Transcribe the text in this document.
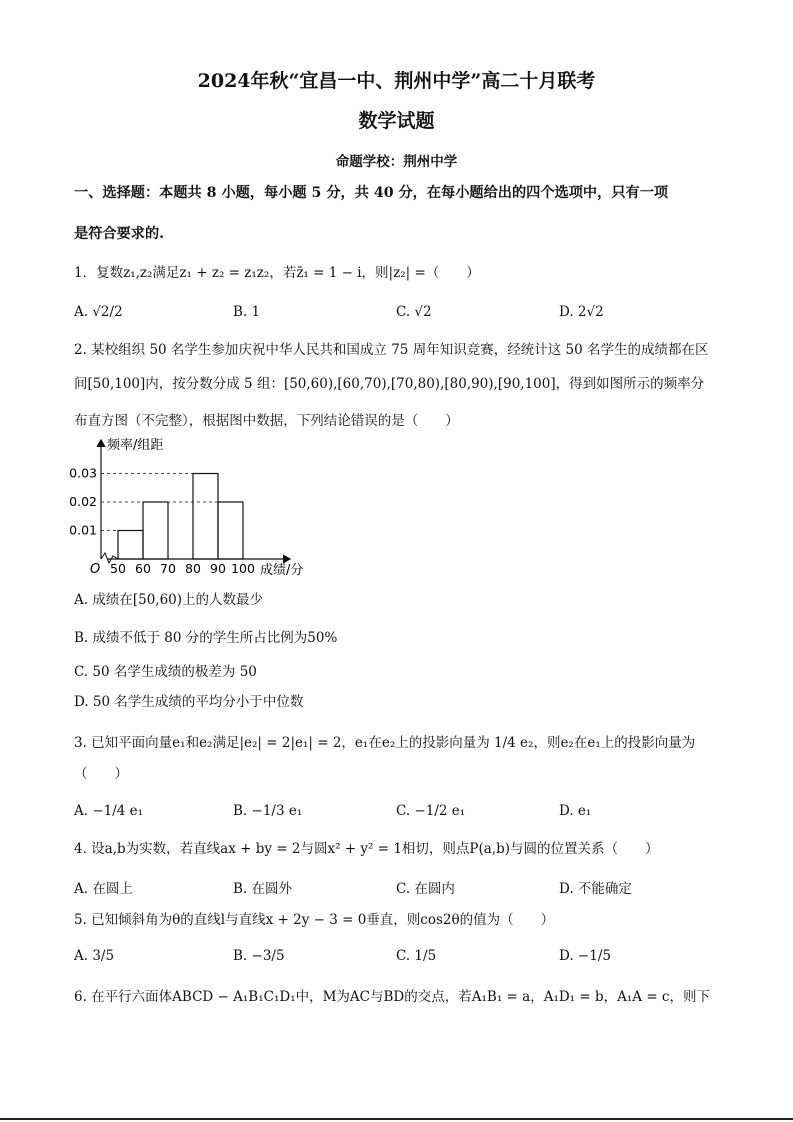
2024年秋“宜昌一中、荆州中学”高二十月联考
数学试题
命题学校：荆州中学
一、选择题：本题共 8 小题，每小题 5 分，共 40 分，在每小题给出的四个选项中，只有一项
是符合要求的.
1．复数z₁,z₂满足z₁ + z₂ = z₁z₂，若z̄₁ = 1 − i，则|z₂| =（　　）
A. √2/2	B. 1	C. √2	D. 2√2
2. 某校组织 50 名学生参加庆祝中华人民共和国成立 75 周年知识竞赛，经统计这 50 名学生的成绩都在区
间[50,100]内，按分数分成 5 组：[50,60),[60,70),[70,80),[80,90),[90,100]，得到如图所示的频率分
布直方图（不完整），根据图中数据，下列结论错误的是（　　）
0.01
0.02
0.03
50 60 70 80 90 100
频率/组距
成绩/分
O
A. 成绩在[50,60)上的人数最少
B. 成绩不低于 80 分的学生所占比例为50%
C. 50 名学生成绩的极差为 50
D. 50 名学生成绩的平均分小于中位数
3. 已知平面向量e₁和e₂满足|e₂| = 2|e₁| = 2，e₁在e₂上的投影向量为 1/4 e₂，则e₂在e₁上的投影向量为
（　　）
A. −1/4 e₁	B. −1/3 e₁	C. −1/2 e₁	D. e₁
4. 设a,b为实数，若直线ax + by = 2与圆x² + y² = 1相切，则点P(a,b)与圆的位置关系（　　）
A. 在圆上	B. 在圆外	C. 在圆内	D. 不能确定
5. 已知倾斜角为θ的直线l与直线x + 2y − 3 = 0垂直，则cos2θ的值为（　　）
A. 3/5	B. −3/5	C. 1/5	D. −1/5
6. 在平行六面体ABCD − A₁B₁C₁D₁中，M为AC与BD的交点，若A₁B₁ = a，A₁D₁ = b，A₁A = c，则下
